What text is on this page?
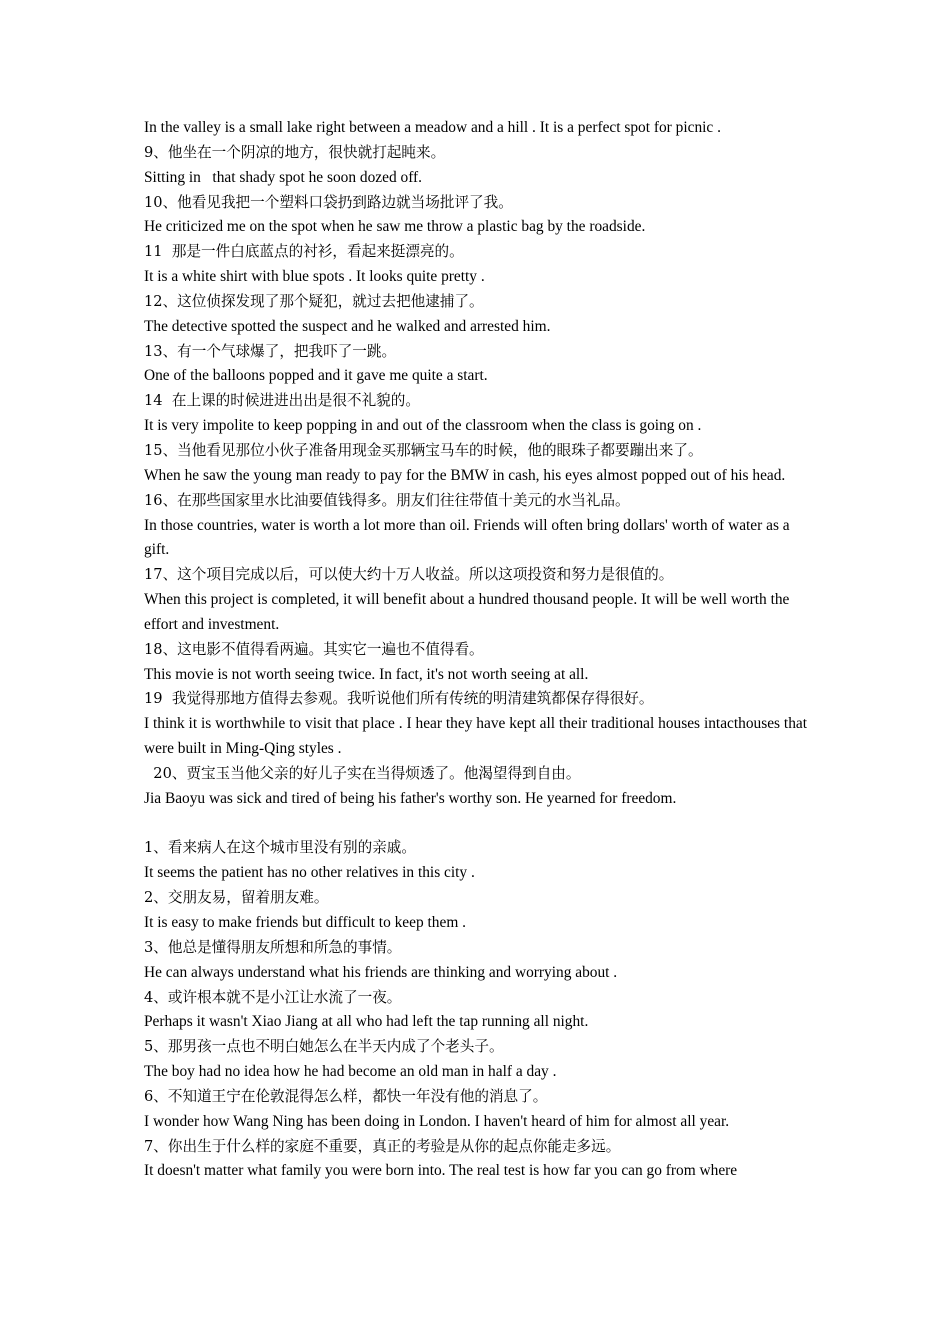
In the valley is a small lake right between a meadow and a hill . It is a perfect spot for picnic .
9、他坐在一个阴凉的地方，很快就打起盹来。
Sitting in   that shady spot he soon dozed off.
10、他看见我把一个塑料口袋扔到路边就当场批评了我。
He criticized me on the spot when he saw me throw a plastic bag by the roadside.
11  那是一件白底蓝点的衬衫，看起来挺漂亮的。
It is a white shirt with blue spots . It looks quite pretty .
12、这位侦探发现了那个疑犯，就过去把他逮捕了。
The detective spotted the suspect and he walked and arrested him.
13、有一个气球爆了，把我吓了一跳。
One of the balloons popped and it gave me quite a start.
14  在上课的时候进进出出是很不礼貌的。
It is very impolite to keep popping in and out of the classroom when the class is going on .
15、当他看见那位小伙子准备用现金买那辆宝马车的时候，他的眼珠子都要蹦出来了。
When he saw the young man ready to pay for the BMW in cash, his eyes almost popped out of his head.
16、在那些国家里水比油要值钱得多。朋友们往往带值十美元的水当礼品。
In those countries, water is worth a lot more than oil. Friends will often bring dollars' worth of water as a gift.
17、这个项目完成以后，可以使大约十万人收益。所以这项投资和努力是很值的。
When this project is completed, it will benefit about a hundred thousand people. It will be well worth the effort and investment.
18、这电影不值得看两遍。其实它一遍也不值得看。
This movie is not worth seeing twice. In fact, it's not worth seeing at all.
19  我觉得那地方值得去参观。我听说他们所有传统的明清建筑都保存得很好。
I think it is worthwhile to visit that place . I hear they have kept all their traditional houses intacthouses that were built in Ming-Qing styles .
20、贾宝玉当他父亲的好儿子实在当得烦透了。他渴望得到自由。
Jia Baoyu was sick and tired of being his father's worthy son. He yearned for freedom.
1、看来病人在这个城市里没有别的亲戚。
It seems the patient has no other relatives in this city .
2、交朋友易，留着朋友难。
It is easy to make friends but difficult to keep them .
3、他总是懂得朋友所想和所急的事情。
He can always understand what his friends are thinking and worrying about .
4、或许根本就不是小江让水流了一夜。
Perhaps it wasn't Xiao Jiang at all who had left the tap running all night.
5、那男孩一点也不明白她怎么在半天内成了个老头子。
The boy had no idea how he had become an old man in half a day .
6、不知道王宁在伦敦混得怎么样，都快一年没有他的消息了。
I wonder how Wang Ning has been doing in London. I haven't heard of him for almost all year.
7、你出生于什么样的家庭不重要，真正的考验是从你的起点你能走多远。
It doesn't matter what family you were born into. The real test is how far you can go from where
